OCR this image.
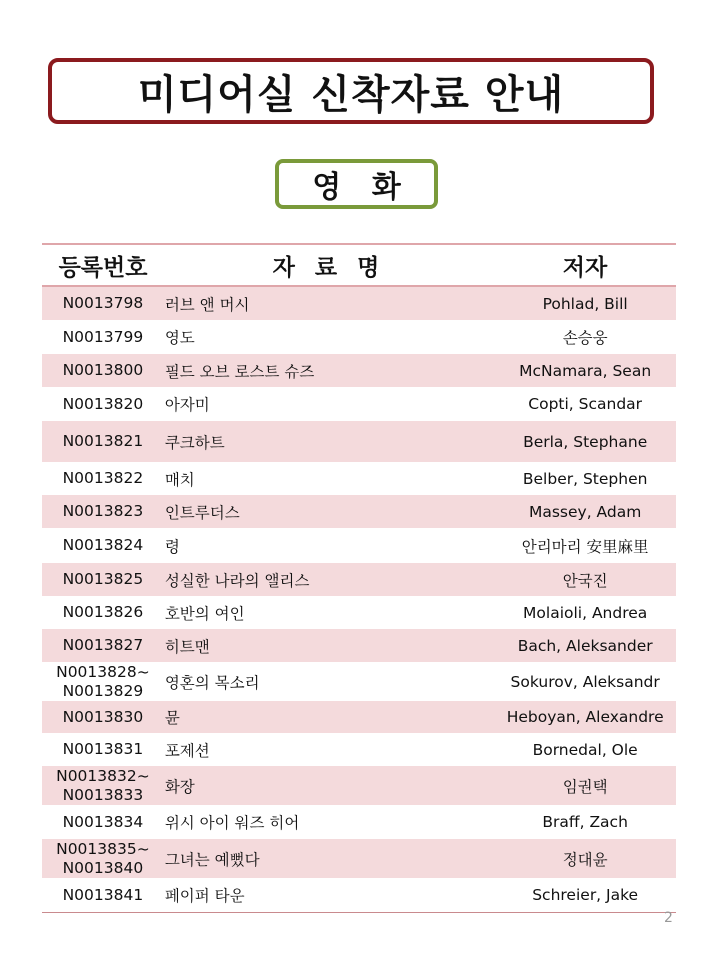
미디어실 신착자료 안내
영 화
등록번호	자 료 명	저자
N0013798	러브 앤 머시	Pohlad, Bill
N0013799	영도	손승웅
N0013800	필드 오브 로스트 슈즈	McNamara, Sean
N0013820	아자미	Copti, Scandar
N0013821	쿠크하트	Berla, Stephane
N0013822	매치	Belber, Stephen
N0013823	인트루더스	Massey, Adam
N0013824	령	안리마리 安里麻里
N0013825	성실한 나라의 앨리스	안국진
N0013826	호반의 여인	Molaioli, Andrea
N0013827	히트맨	Bach, Aleksander
N0013828~
N0013829	영혼의 목소리	Sokurov, Aleksandr
N0013830	뮨	Heboyan, Alexandre
N0013831	포제션	Bornedal, Ole
N0013832~
N0013833	화장	임권택
N0013834	위시 아이 워즈 히어	Braff, Zach
N0013835~
N0013840	그녀는 예뻤다	정대윤
N0013841	페이퍼 타운	Schreier, Jake
2
